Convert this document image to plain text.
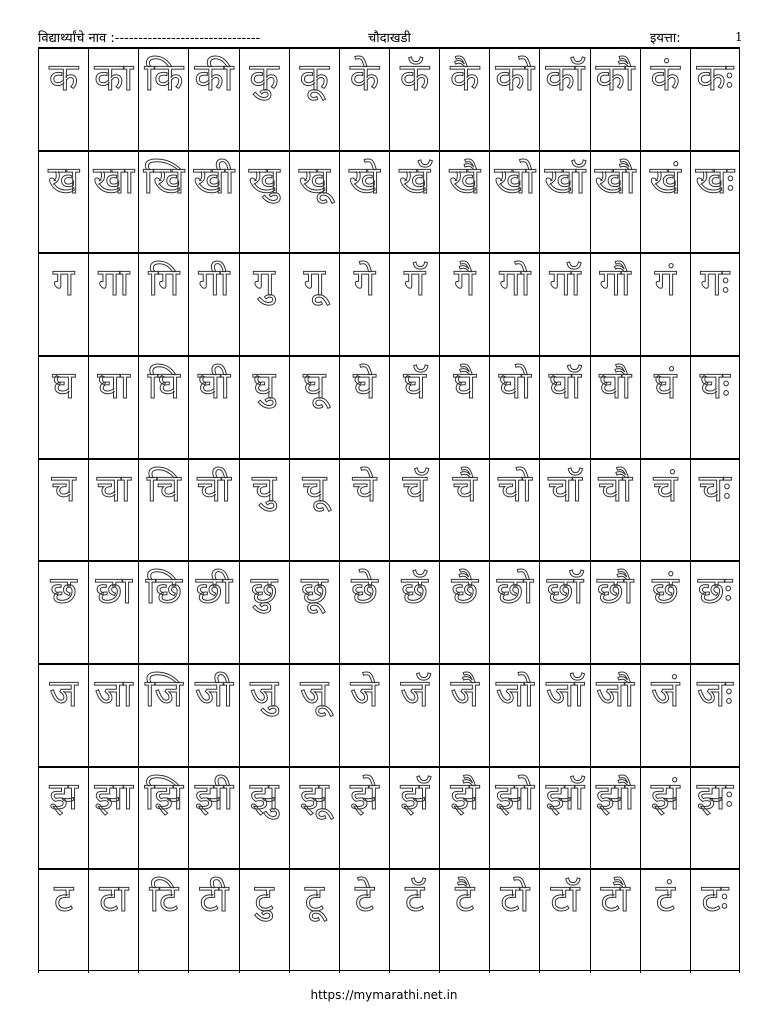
विद्यार्थ्यांचे नाव :-------------------------------	चौदाखडी	इयत्ता:	1
क का कि की कु कू के कॅ कै को कॉ कौ कं कः
ख खा खि खी खु खू खे खॅ खै खो खॉ खौ खं खः
ग गा गि गी गु गू गे गॅ गै गो गॉ गौ गं गः
घ घा घि घी घु घू घे घॅ घै घो घॉ घौ घं घः
च चा चि ची चु चू चे चॅ चै चो चॉ चौ चं चः
छ छा छि छी छु छू छे छॅ छै छो छॉ छौ छं छः
ज जा जि जी जु जू जे जॅ जै जो जॉ जौ जं जः
झ झा झि झी झु झू झे झॅ झै झो झॉ झौ झं झः
ट टा टि टी टु टू टे टॅ टै टो टॉ टौ टं टः
https://mymarathi.net.in
